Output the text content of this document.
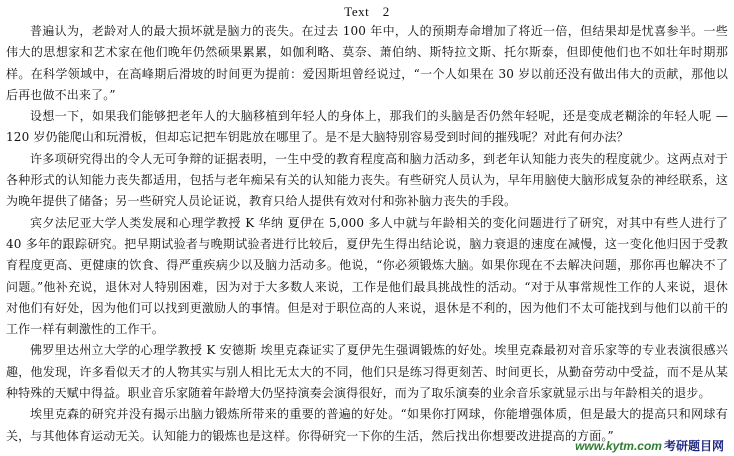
Text　2

普遍认为，老龄对人的最大损坏就是脑力的丧失。在过去 100 年中，人的预期寿命增加了将近一倍，但结果却是忧喜参半。一些伟大的思想家和艺术家在他们晚年仍然硕果累累，如伽利略、莫奈、萧伯纳、斯特拉文斯、托尔斯泰，但即使他们也不如壮年时期那样。在科学领域中，在高峰期后滑坡的时间更为提前：爱因斯坦曾经说过，“一个人如果在 30 岁以前还没有做出伟大的贡献，那他以后再也做不出来了。”

设想一下，如果我们能够把老年人的大脑移植到年轻人的身体上，那我们的头脑是否仍然年轻呢，还是变成老糊涂的年轻人呢 —120 岁仍能爬山和玩滑板，但却忘记把车钥匙放在哪里了。是不是大脑特别容易受到时间的摧残呢？对此有何办法？

许多项研究得出的令人无可争辩的证据表明，一生中受的教育程度高和脑力活动多，到老年认知能力丧失的程度就少。这两点对于各种形式的认知能力丧失都适用，包括与老年痴呆有关的认知能力丧失。有些研究人员认为，早年用脑使大脑形成复杂的神经联系，这为晚年提供了储备；另一些研究人员论证说，教育只给人提供有效对付和弥补脑力丧失的手段。

宾夕法尼亚大学人类发展和心理学教授 K 华纳 夏伊在 5,000 多人中就与年龄相关的变化问题进行了研究，对其中有些人进行了 40 多年的跟踪研究。把早期试验者与晚期试验者进行比较后，夏伊先生得出结论说，脑力衰退的速度在减慢，这一变化他归因于受教育程度更高、更健康的饮食、得严重疾病少以及脑力活动多。他说，“你必须锻炼大脑。如果你现在不去解决问题，那你再也解决不了问题。”他补充说，退休对人特别困难，因为对于大多数人来说，工作是他们最具挑战性的活动。“对于从事常规性工作的人来说，退休对他们有好处，因为他们可以找到更激励人的事情。但是对于职位高的人来说，退休是不利的，因为他们不太可能找到与他们以前干的工作一样有刺激性的工作干。

佛罗里达州立大学的心理学教授 K 安德斯 埃里克森证实了夏伊先生强调锻炼的好处。埃里克森最初对音乐家等的专业表演很感兴趣，他发现，许多看似天才的人物其实与别人相比无太大的不同，他们只是练习得更刻苦、时间更长，从勤奋劳动中受益，而不是从某种特殊的天赋中得益。职业音乐家随着年龄增大仍坚持演奏会演得很好，而为了取乐演奏的业余音乐家就显示出与年龄相关的退步。

埃里克森的研究并没有揭示出脑力锻炼所带来的重要的普遍的好处。“如果你打网球，你能增强体质，但是最大的提高只和网球有关，与其他体育运动无关。认知能力的锻炼也是这样。你得研究一下你的生活，然后找出你想要改进提高的方面。”

www.kytm.com 考研题目网
